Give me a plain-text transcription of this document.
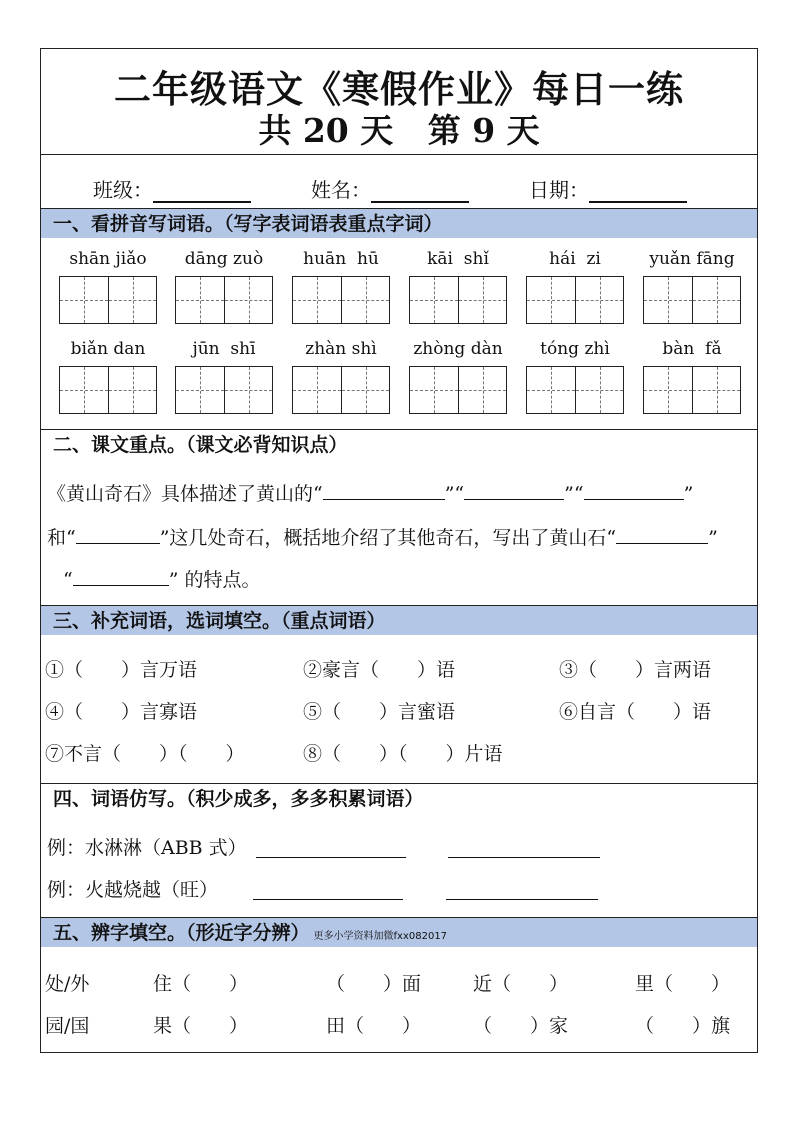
二年级语文《寒假作业》每日一练
共 20 天   第 9 天
班级：	姓名：	日期：
一、看拼音写词语。（写字表词语表重点字词）
shān jiǎo	dāng zuò	huān  hū	kāi  shǐ	hái  zi	yuǎn fāng
biǎn dan	jūn  shī	zhàn shì	zhòng dàn	tóng zhì	bàn  fǎ
二、课文重点。（课文必背知识点）
《黄山奇石》具体描述了黄山的“	”“	”“	”
和“	”这几处奇石，概括地介绍了其他奇石，写出了黄山石“	”
“	” 的特点。
三、补充词语，选词填空。（重点词语）
①（　　）言万语	②豪言（　　）语	③（　　）言两语
④（　　）言寡语	⑤（　　）言蜜语	⑥自言（　　）语
⑦不言（　　）（　　）	⑧（　　）（　　）片语
四、词语仿写。（积少成多，多多积累词语）
例：水淋淋（ABB 式）
例：火越烧越（旺）
五、辨字填空。（形近字分辨） 更多小学资料加微fxx082017
处/外	住（　　）	（　　）面	近（　　）	里（　　）
园/国	果（　　）	田（　　）	（　　）家	（　　）旗
